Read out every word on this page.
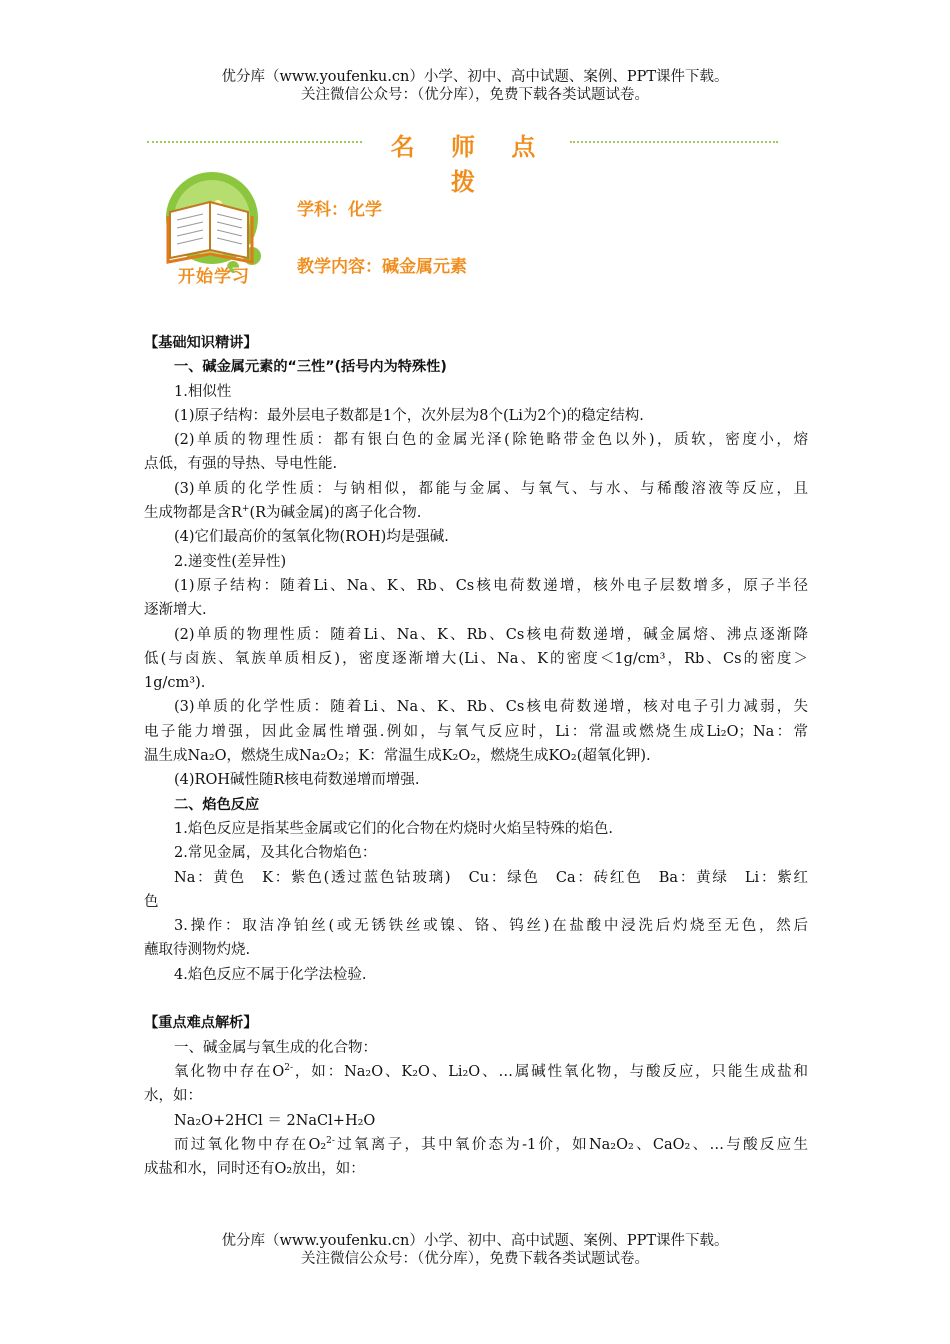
优分库（www.youfenku.cn）小学、初中、高中试题、案例、PPT课件下载。
关注微信公众号：（优分库），免费下载各类试题试卷。
名 师 点 拨
开始学习
学科：化学
教学内容：碱金属元素

【基础知识精讲】

一、碱金属元素的“三性”(括号内为特殊性)

1.相似性

(1)原子结构：最外层电子数都是1个，次外层为8个(Li为2个)的稳定结构.

(2)单质的物理性质：都有银白色的金属光泽(除铯略带金色以外)，质软，密度小，熔

点低，有强的导热、导电性能.

(3)单质的化学性质：与钠相似，都能与金属、与氧气、与水、与稀酸溶液等反应，且

生成物都是含R+(R为碱金属)的离子化合物.

(4)它们最高价的氢氧化物(ROH)均是强碱.

2.递变性(差异性)

(1)原子结构：随着Li、Na、K、Rb、Cs核电荷数递增，核外电子层数增多，原子半径

逐渐增大.

(2)单质的物理性质：随着Li、Na、K、Rb、Cs核电荷数递增，碱金属熔、沸点逐渐降

低(与卤族、氧族单质相反)，密度逐渐增大(Li、Na、K的密度＜1g/cm³，Rb、Cs的密度＞

1g/cm³).

(3)单质的化学性质：随着Li、Na、K、Rb、Cs核电荷数递增，核对电子引力减弱，失

电子能力增强，因此金属性增强.例如，与氧气反应时，Li：常温或燃烧生成Li₂O；Na：常

温生成Na₂O，燃烧生成Na₂O₂；K：常温生成K₂O₂，燃烧生成KO₂(超氧化钾).

(4)ROH碱性随R核电荷数递增而增强.

二、焰色反应

1.焰色反应是指某些金属或它们的化合物在灼烧时火焰呈特殊的焰色.

2.常见金属，及其化合物焰色：

Na：黄色　K：紫色(透过蓝色钴玻璃)　Cu：绿色　Ca：砖红色　Ba：黄绿　Li：紫红

色

3.操作：取洁净铂丝(或无锈铁丝或镍、铬、钨丝)在盐酸中浸洗后灼烧至无色，然后

蘸取待测物灼烧.

4.焰色反应不属于化学法检验.

【重点难点解析】

一、碱金属与氧生成的化合物：

氧化物中存在$O^{2-}$，如：Na₂O、K₂O、Li₂O、…属碱性氧化物，与酸反应，只能生成盐和

水，如：

Na₂O+2HCl ＝ 2NaCl+H₂O

而过氧化物中存在O₂$^{2-}$过氧离子，其中氧价态为-1价，如Na₂O₂、CaO₂、…与酸反应生

成盐和水，同时还有O₂放出，如：

优分库（www.youfenku.cn）小学、初中、高中试题、案例、PPT课件下载。
关注微信公众号：（优分库），免费下载各类试题试卷。
